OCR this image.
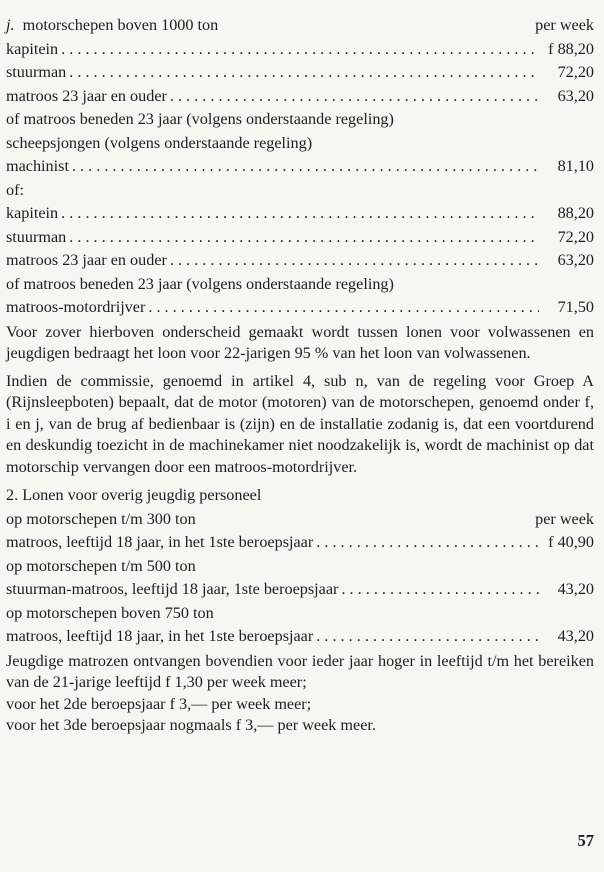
j. motorschepen boven 1000 ton	per week
kapitein . . .	f 88,20
stuurman . . .	72,20
matroos 23 jaar en ouder . . .	63,20
of matroos beneden 23 jaar (volgens onderstaande regeling)
scheepsjongen (volgens onderstaande regeling)
machinist . . .	81,10
of:
kapitein . . .	88,20
stuurman . . .	72,20
matroos 23 jaar en ouder . . .	63,20
of matroos beneden 23 jaar (volgens onderstaande regeling)
matroos-motordrijver . . .	71,50

Voor zover hierboven onderscheid gemaakt wordt tussen lonen voor volwassenen en jeugdigen bedraagt het loon voor 22-jarigen 95 % van het loon van volwassenen.

Indien de commissie, genoemd in artikel 4, sub n, van de regeling voor Groep A (Rijnsleepboten) bepaalt, dat de motor (motoren) van de motorschepen, genoemd onder f, i en j, van de brug af bedienbaar is (zijn) en de installatie zodanig is, dat een voortdurend en deskundig toezicht in de machinekamer niet noodzakelijk is, wordt de machinist op dat motorschip vervangen door een matroos-motordrijver.

2. Lonen voor overig jeugdig personeel
op motorschepen t/m 300 ton	per week
matroos, leeftijd 18 jaar, in het 1ste beroepsjaar . . .	f 40,90
op motorschepen t/m 500 ton
stuurman-matroos, leeftijd 18 jaar, 1ste beroepsjaar . . .	43,20
op motorschepen boven 750 ton
matroos, leeftijd 18 jaar, in het 1ste beroepsjaar . . .	43,20

Jeugdige matrozen ontvangen bovendien voor ieder jaar hoger in leeftijd t/m het bereiken van de 21-jarige leeftijd f 1,30 per week meer;
voor het 2de beroepsjaar f 3,— per week meer;
voor het 3de beroepsjaar nogmaals f 3,— per week meer.

57
